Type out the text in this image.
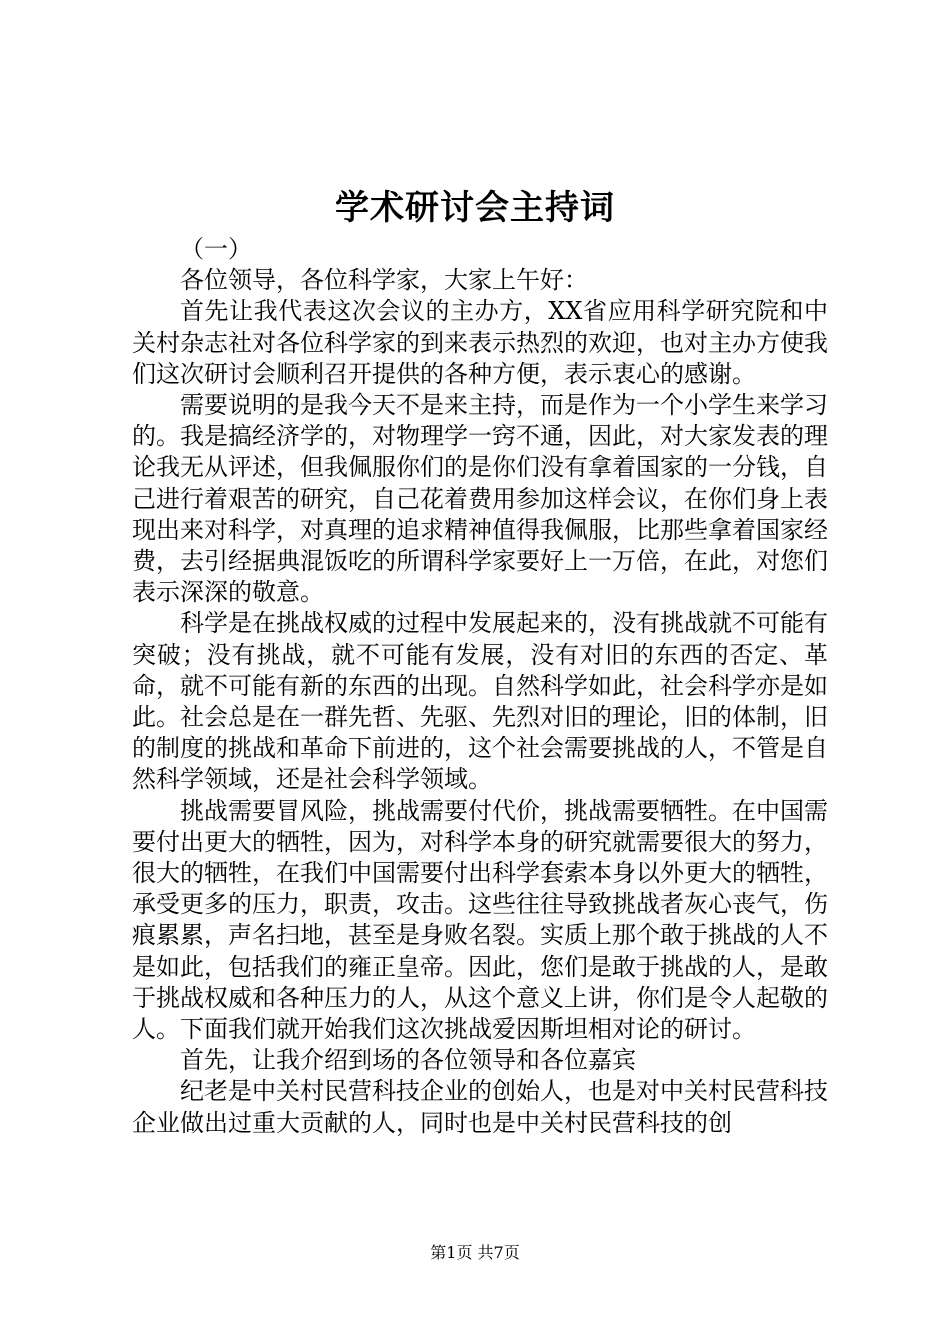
学术研讨会主持词

（一）

各位领导，各位科学家，大家上午好：

首先让我代表这次会议的主办方，XX省应用科学研究院和中关村杂志社对各位科学家的到来表示热烈的欢迎，也对主办方使我们这次研讨会顺利召开提供的各种方便，表示衷心的感谢。

需要说明的是我今天不是来主持，而是作为一个小学生来学习的。我是搞经济学的，对物理学一窍不通，因此，对大家发表的理论我无从评述，但我佩服你们的是你们没有拿着国家的一分钱，自己进行着艰苦的研究，自己花着费用参加这样会议，在你们身上表现出来对科学，对真理的追求精神值得我佩服，比那些拿着国家经费，去引经据典混饭吃的所谓科学家要好上一万倍，在此，对您们表示深深的敬意。

科学是在挑战权威的过程中发展起来的，没有挑战就不可能有突破；没有挑战，就不可能有发展，没有对旧的东西的否定、革命，就不可能有新的东西的出现。自然科学如此，社会科学亦是如此。社会总是在一群先哲、先驱、先烈对旧的理论，旧的体制，旧的制度的挑战和革命下前进的，这个社会需要挑战的人，不管是自然科学领域，还是社会科学领域。

挑战需要冒风险，挑战需要付代价，挑战需要牺牲。在中国需要付出更大的牺牲，因为，对科学本身的研究就需要很大的努力，很大的牺牲，在我们中国需要付出科学套索本身以外更大的牺牲，承受更多的压力，职责，攻击。这些往往导致挑战者灰心丧气，伤痕累累，声名扫地，甚至是身败名裂。实质上那个敢于挑战的人不是如此，包括我们的雍正皇帝。因此，您们是敢于挑战的人，是敢于挑战权威和各种压力的人，从这个意义上讲，你们是令人起敬的人。下面我们就开始我们这次挑战爱因斯坦相对论的研讨。

首先，让我介绍到场的各位领导和各位嘉宾

纪老是中关村民营科技企业的创始人，也是对中关村民营科技企业做出过重大贡献的人，同时也是中关村民营科技的创

第1页 共7页
